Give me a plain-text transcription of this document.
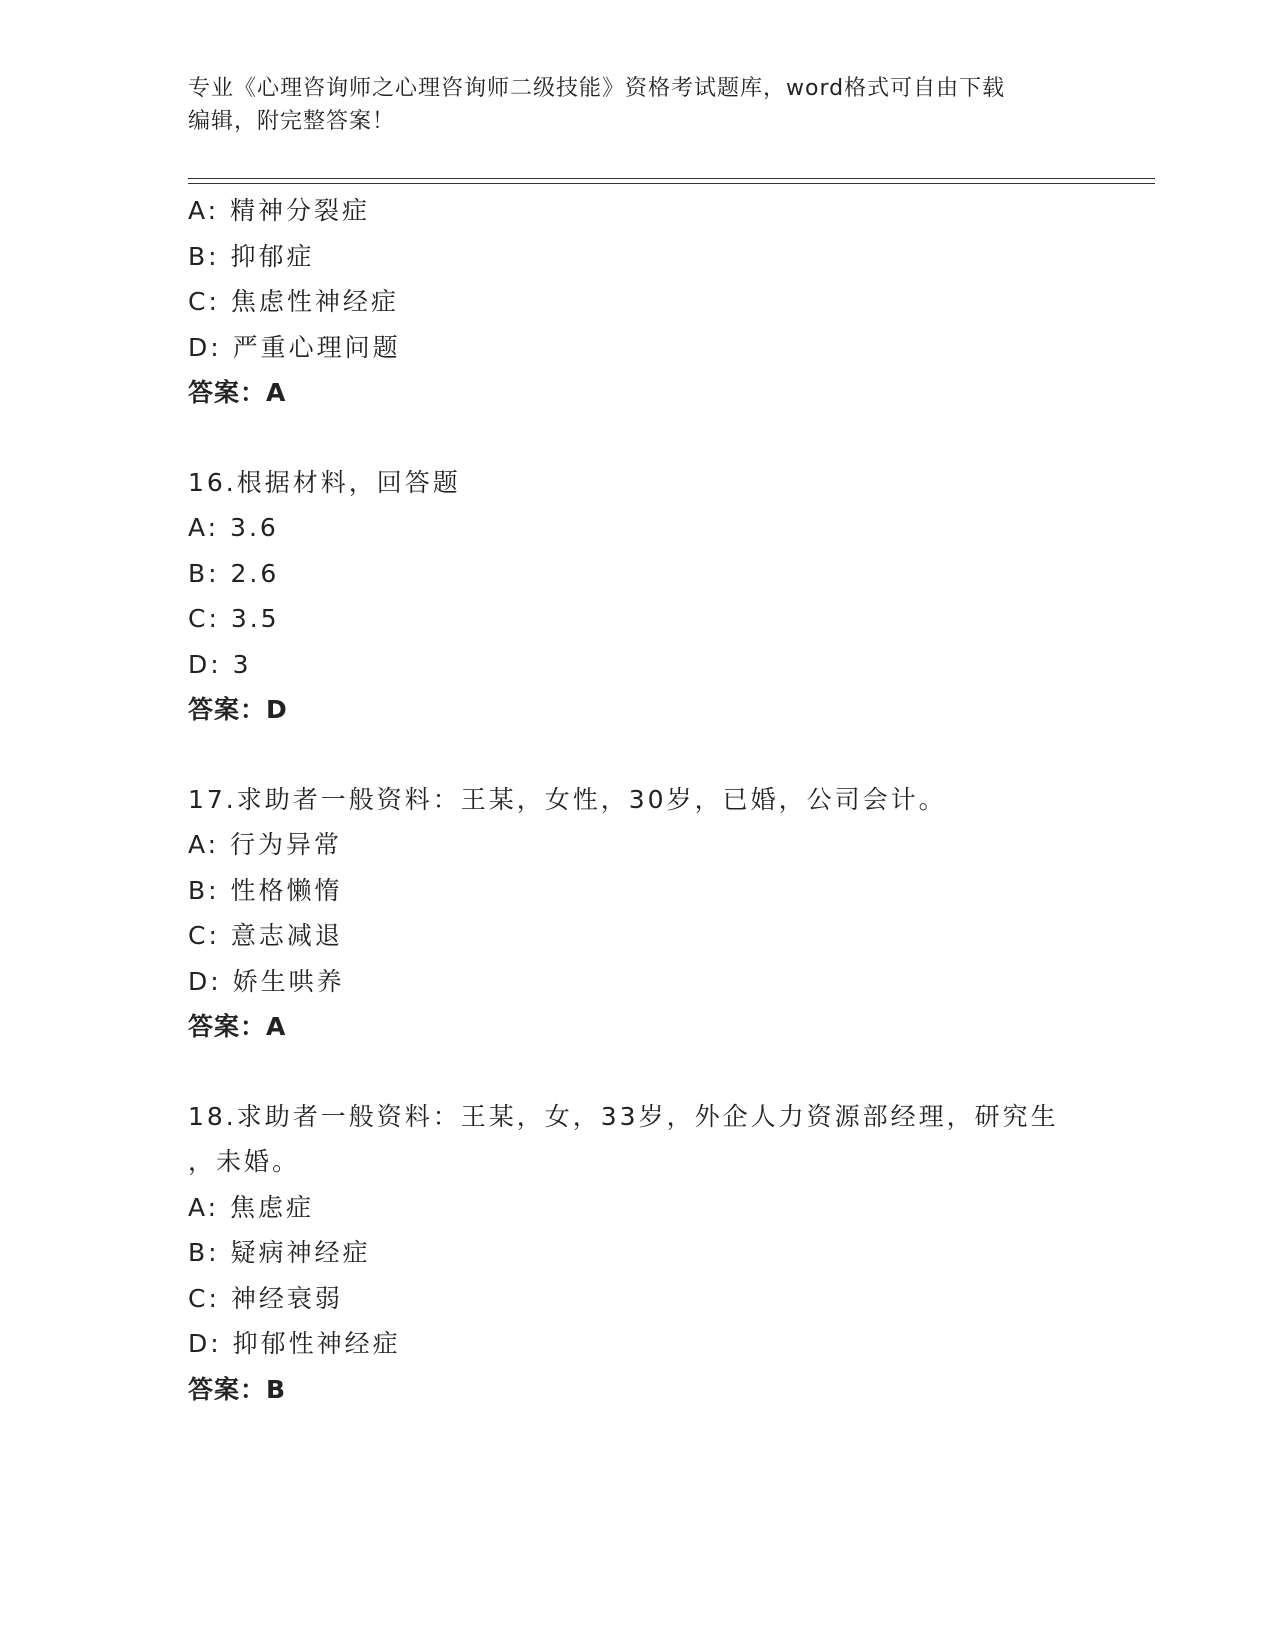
专业《心理咨询师之心理咨询师二级技能》资格考试题库，word格式可自由下载
编辑，附完整答案！
A: 精神分裂症
B: 抑郁症
C: 焦虑性神经症
D: 严重心理问题
答案：A
16.根据材料，回答题
A: 3.6
B: 2.6
C: 3.5
D: 3
答案：D
17.求助者一般资料：王某，女性，30岁，已婚，公司会计。
A: 行为异常
B: 性格懒惰
C: 意志减退
D: 娇生哄养
答案：A
18.求助者一般资料：王某，女，33岁，外企人力资源部经理，研究生
，未婚。
A: 焦虑症
B: 疑病神经症
C: 神经衰弱
D: 抑郁性神经症
答案：B
